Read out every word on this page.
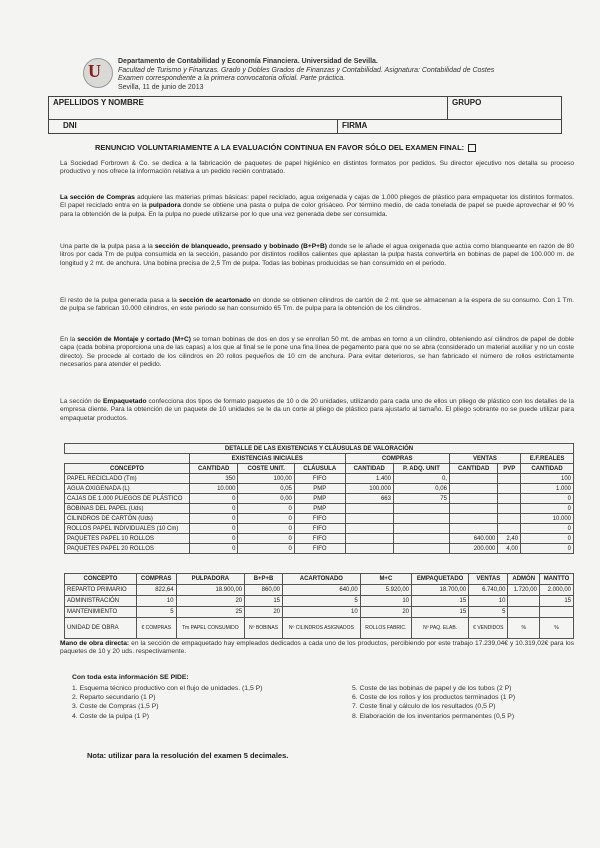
U Departamento de Contabilidad y Economía Financiera. Universidad de Sevilla.
Facultad de Turismo y Finanzas. Grado y Dobles Grados de Finanzas y Contabilidad. Asignatura: Contabilidad de Costes
Examen correspondiente a la primera convocatoria oficial. Parte práctica.
Sevilla, 11 de junio de 2013
APELLIDOS Y NOMBRE	GRUPO
DNI	FIRMA
RENUNCIO VOLUNTARIAMENTE A LA EVALUACIÓN CONTINUA EN FAVOR SÓLO DEL EXAMEN FINAL:
La Sociedad Forbrown & Co. se dedica a la fabricación de paquetes de papel higiénico en distintos formatos por pedidos. Su director ejecutivo nos detalla su proceso productivo y nos ofrece la información relativa a un pedido recién contratado.
La sección de Compras adquiere las materias primas básicas: papel reciclado, agua oxigenada y cajas de 1.000 pliegos de plástico para empaquetar los distintos formatos. El papel reciclado entra en la pulpadora donde se obtiene una pasta o pulpa de color grisáceo. Por término medio, de cada tonelada de papel se puede aprovechar el 90 % para la obtención de la pulpa. En la pulpa no puede utilizarse por lo que una vez generada debe ser consumida.
Una parte de la pulpa pasa a la sección de blanqueado, prensado y bobinado (B+P+B) donde se le añade el agua oxigenada que actúa como blanqueante en razón de 80 litros por cada Tm de pulpa consumida en la sección, pasando por distintos rodillos calientes que aplastan la pulpa hasta convertirla en bobinas de papel de 100.000 m. de longitud y 2 mt. de anchura. Una bobina precisa de 2,5 Tm de pulpa. Todas las bobinas producidas se han consumido en el periodo.
El resto de la pulpa generada pasa a la sección de acartonado en donde se obtienen cilindros de cartón de 2 mt. que se almacenan a la espera de su consumo. Con 1 Tm. de pulpa se fabrican 10.000 cilindros, en este periodo se han consumido 65 Tm. de pulpa para la obtención de los cilindros.
En la sección de Montaje y cortado (M+C) se toman bobinas de dos en dos y se enrollan 50 mt. de ambas en torno a un cilindro, obteniendo así cilindros de papel de doble capa (cada bobina proporciona una de las capas) a los que al final se le pone una fina línea de pegamento para que no se abra (considerado un material auxiliar y no un coste directo). Se procede al cortado de los cilindros en 20 rollos pequeños de 10 cm de anchura. Para evitar deterioros, se han fabricado el número de rollos estrictamente necesarios para atender el pedido.
La sección de Empaquetado confecciona dos tipos de formato paquetes de 10 o de 20 unidades, utilizando para cada uno de ellos un pliego de plástico con los detalles de la empresa cliente. Para la obtención de un paquete de 10 unidades se le da un corte al pliego de plástico para ajustarlo al tamaño. El pliego sobrante no se puede utilizar para empaquetar productos.
DETALLE DE LAS EXISTENCIAS Y CLÁUSULAS DE VALORACIÓN								
	EXISTENCIAS INICIALES			COMPRAS		VENTAS		E.F.REALES
CONCEPTO	CANTIDAD	COSTE UNIT.	CLÁUSULA	CANTIDAD	P. ADQ. UNIT	CANTIDAD	PVP	CANTIDAD
PAPEL RECICLADO (Tm)	350	100,00	FIFO	1.400	0,			100
AGUA OXIGENADA (L)	10.000	0,05	PMP	100.000	0,06			1.000
CAJAS DE 1.000 PLIEGOS DE PLÁSTICO	0	0,00	PMP	663	75			0
BOBINAS DEL PAPEL (Uds)	0	0	PMP					0
CILINDROS DE CARTÓN (Uds)	0	0	FIFO					10.000
ROLLOS PAPEL INDIVIDUALES (10 Cm)	0	0	FIFO					0
PAQUETES PAPEL 10 ROLLOS	0	0	FIFO			640.000	2,40	0
PAQUETES PAPEL 20 ROLLOS	0	0	FIFO			200.000	4,00	0
CONCEPTO	COMPRAS	PULPADORA	B+P+B	ACARTONADO	M+C	EMPAQUETADO	VENTAS	ADMÓN	MANTTO
REPARTO PRIMARIO	822,64	18.900,00	860,00	640,00	5.920,00	18.700,00	6.740,00	1.720,00	2.000,00
ADMINISTRACIÓN	10	20	15	5	10	15	10		15
MANTENIMIENTO	5	25	20	10	20	15	5		
UNIDAD DE OBRA	€ COMPRAS	Tm PAPEL CONSUMIDO	Nº BOBINAS	Nº CILINDROS ASIGNADOS	ROLLOS FABRIC.	Nº PAQ. ELAB.	€ VENDIDOS	%	%
Mano de obra directa: en la sección de empaquetado hay empleados dedicados a cada uno de los productos, percibiendo por este trabajo 17.239,04€ y 10.319,02€ para los paquetes de 10 y 20 uds. respectivamente.
Con toda esta información SE PIDE:
1. Esquema técnico productivo con el flujo de unidades. (1,5 P)
2. Reparto secundario (1 P)
3. Coste de Compras (1,5 P)
4. Coste de la pulpa (1 P)
5. Coste de las bobinas de papel y de los tubos (2 P)
6. Coste de los rollos y los productos terminados (1 P)
7. Coste final y cálculo de los resultados (0,5 P)
8. Elaboración de los inventarios permanentes (0,5 P)
Nota: utilizar para la resolución del examen 5 decimales.
